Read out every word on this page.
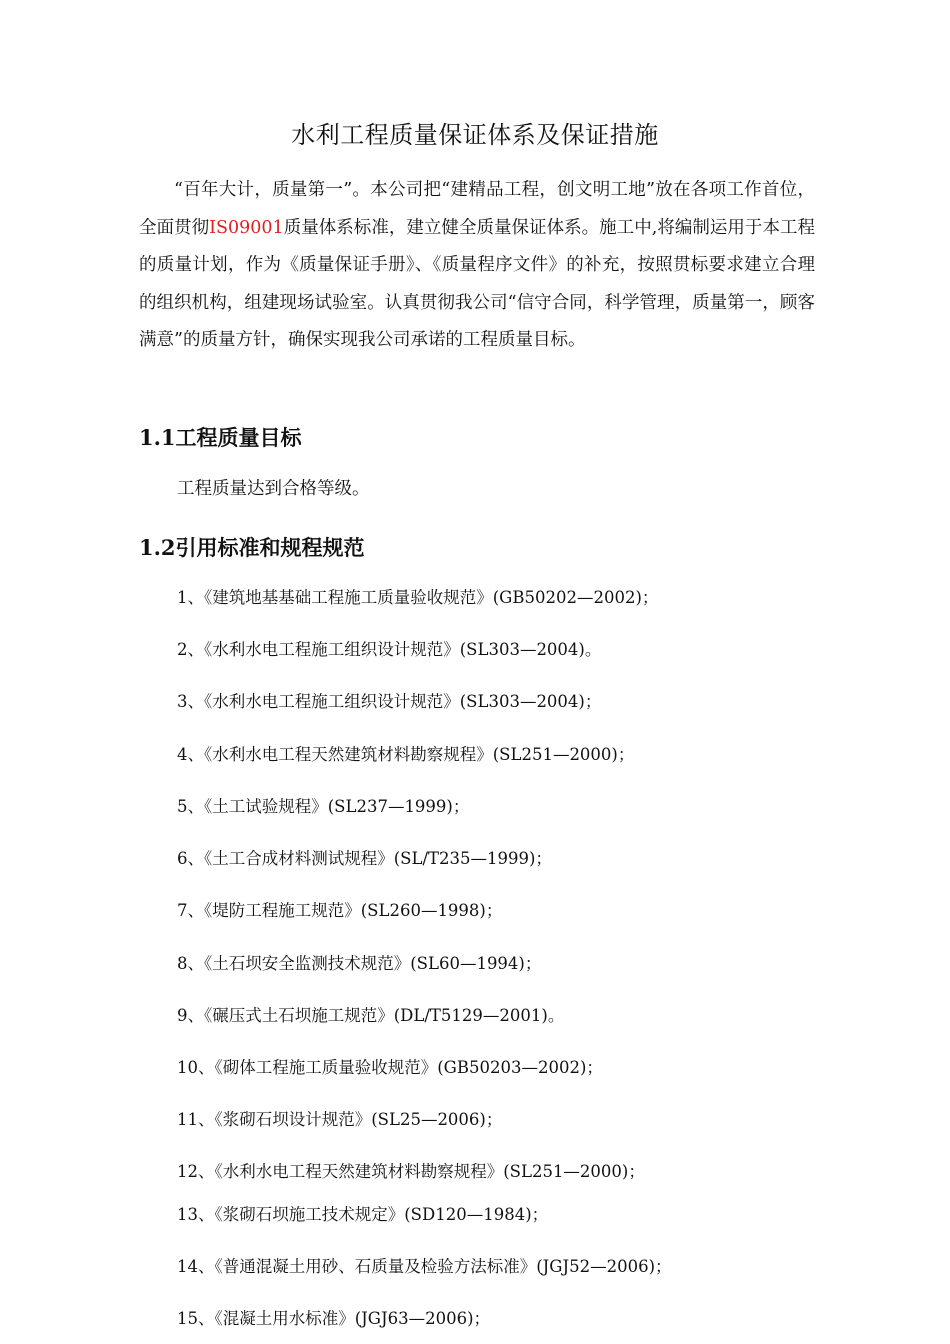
水利工程质量保证体系及保证措施

“百年大计，质量第一”。本公司把“建精品工程，创文明工地”放在各项工作首位，全面贯彻IS09001质量体系标准，建立健全质量保证体系。施工中,将编制运用于本工程的质量计划，作为《质量保证手册》、《质量程序文件》的补充，按照贯标要求建立合理的组织机构，组建现场试验室。认真贯彻我公司“信守合同，科学管理，质量第一，顾客满意”的质量方针，确保实现我公司承诺的工程质量目标。

1.1工程质量目标

工程质量达到合格等级。

1.2引用标准和规程规范

1、《建筑地基基础工程施工质量验收规范》(GB50202—2002)；

2、《水利水电工程施工组织设计规范》(SL303—2004)。

3、《水利水电工程施工组织设计规范》(SL303—2004)；

4、《水利水电工程天然建筑材料勘察规程》(SL251—2000)；

5、《土工试验规程》(SL237—1999)；

6、《土工合成材料测试规程》(SL/T235—1999)；

7、《堤防工程施工规范》(SL260—1998)；

8、《土石坝安全监测技术规范》(SL60—1994)；

9、《碾压式土石坝施工规范》(DL/T5129—2001)。

10、《砌体工程施工质量验收规范》(GB50203—2002)；

11、《浆砌石坝设计规范》(SL25—2006)；

12、《水利水电工程天然建筑材料勘察规程》(SL251—2000)；

13、《浆砌石坝施工技术规定》(SD120—1984)；

14、《普通混凝土用砂、石质量及检验方法标准》(JGJ52—2006)；

15、《混凝土用水标准》(JGJ63—2006)；
